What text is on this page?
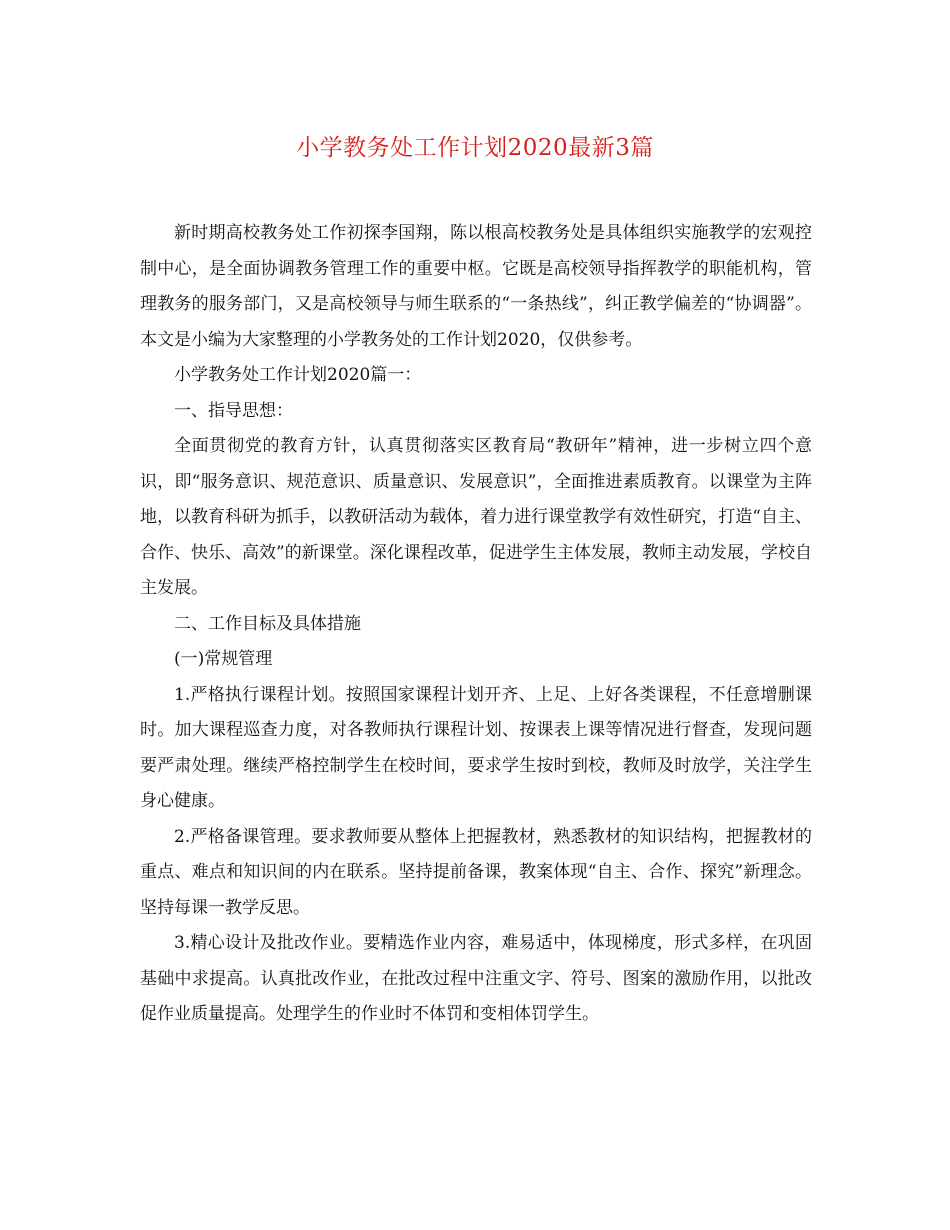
小学教务处工作计划2020最新3篇

新时期高校教务处工作初探李国翔，陈以根高校教务处是具体组织实施教学的宏观控制中心，是全面协调教务管理工作的重要中枢。它既是高校领导指挥教学的职能机构，管理教务的服务部门，又是高校领导与师生联系的“一条热线”，纠正教学偏差的“协调器”。本文是小编为大家整理的小学教务处的工作计划2020，仅供参考。

小学教务处工作计划2020篇一：

一、指导思想：

全面贯彻党的教育方针，认真贯彻落实区教育局“教研年”精神，进一步树立四个意识，即“服务意识、规范意识、质量意识、发展意识”，全面推进素质教育。以课堂为主阵地，以教育科研为抓手，以教研活动为载体，着力进行课堂教学有效性研究，打造“自主、合作、快乐、高效”的新课堂。深化课程改革，促进学生主体发展，教师主动发展，学校自主发展。

二、工作目标及具体措施

(一)常规管理

1.严格执行课程计划。按照国家课程计划开齐、上足、上好各类课程，不任意增删课时。加大课程巡查力度，对各教师执行课程计划、按课表上课等情况进行督查，发现问题要严肃处理。继续严格控制学生在校时间，要求学生按时到校，教师及时放学，关注学生身心健康。

2.严格备课管理。要求教师要从整体上把握教材，熟悉教材的知识结构，把握教材的重点、难点和知识间的内在联系。坚持提前备课，教案体现“自主、合作、探究”新理念。坚持每课一教学反思。

3.精心设计及批改作业。要精选作业内容，难易适中，体现梯度，形式多样，在巩固基础中求提高。认真批改作业，在批改过程中注重文字、符号、图案的激励作用，以批改促作业质量提高。处理学生的作业时不体罚和变相体罚学生。
